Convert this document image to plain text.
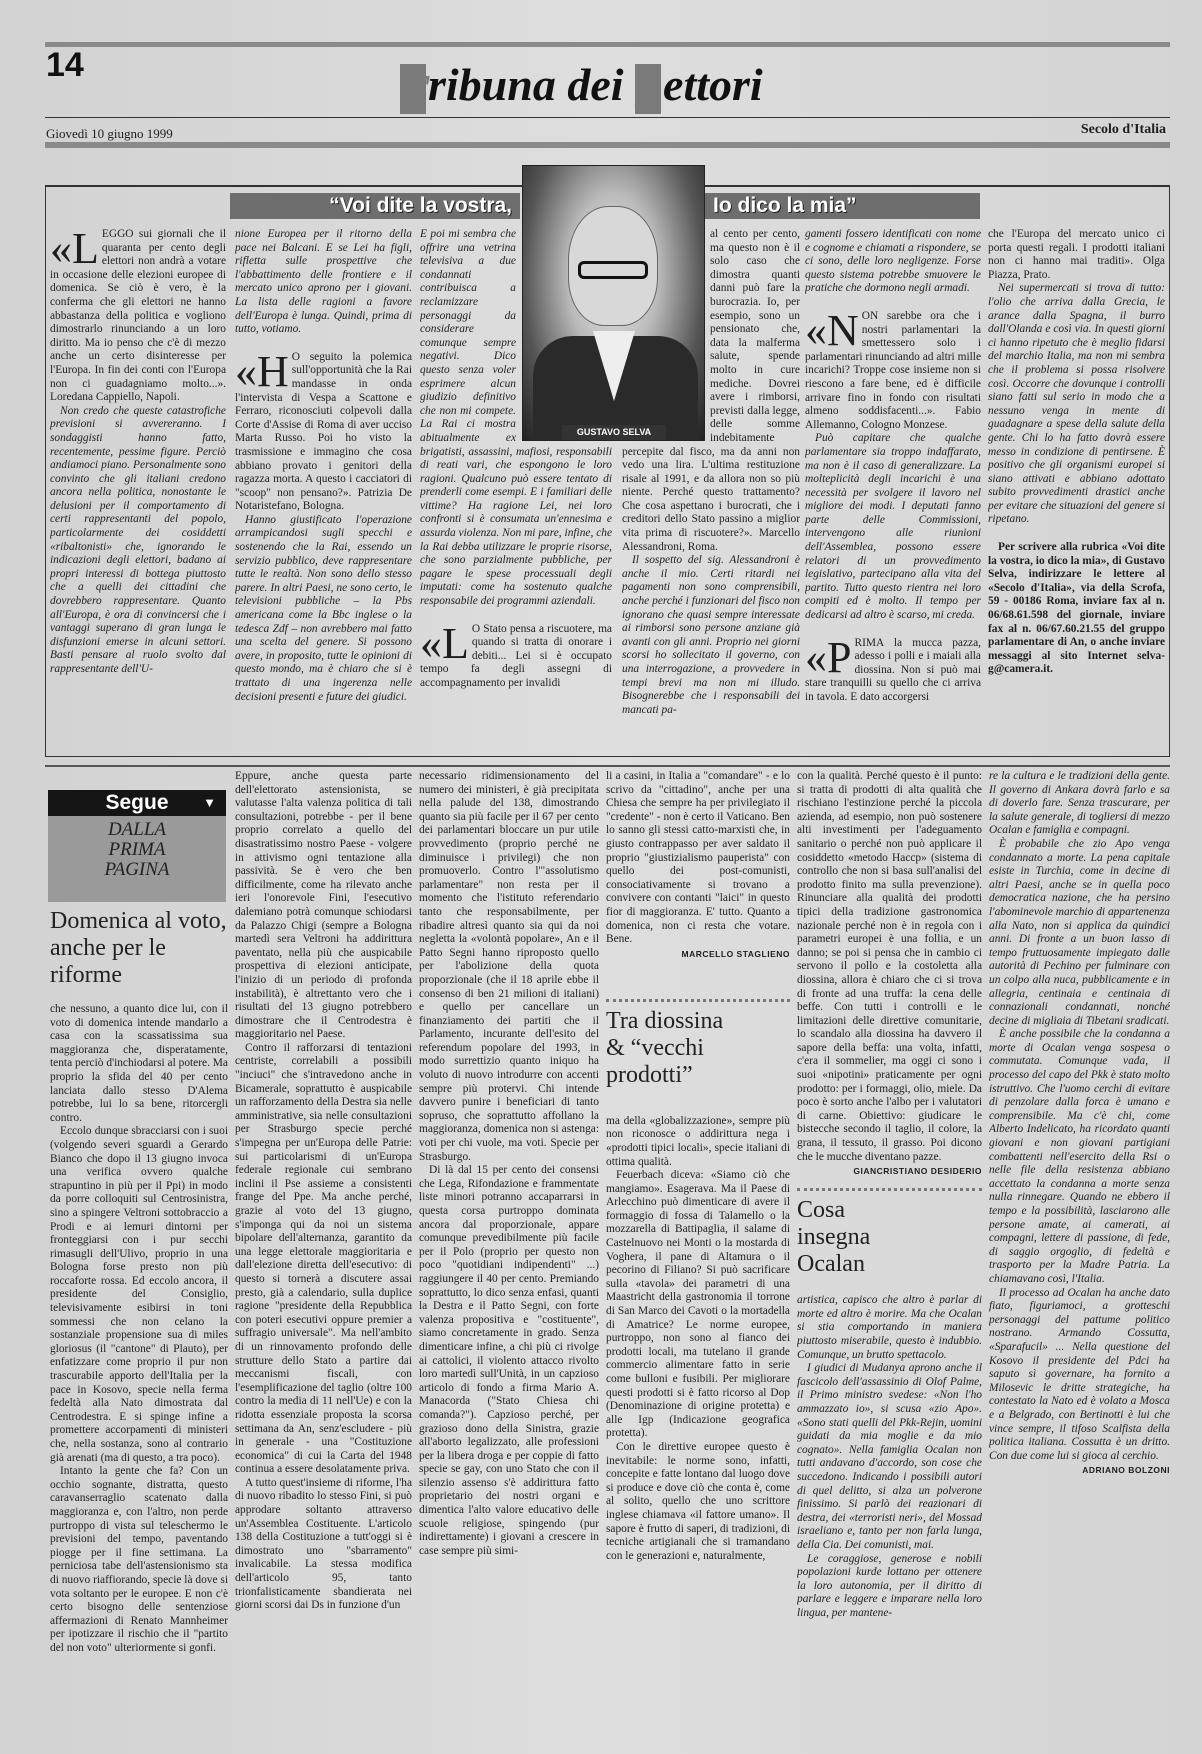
14	Tribuna dei Lettori
Giovedì 10 giugno 1999	Secolo d'Italia
“Voi dite la vostra,	Io dico la mia”
GUSTAVO SELVA

«LEGGO sui giornali che il quaranta per cento degli elettori non andrà a votare in occasione delle elezioni europee di domenica. Se ciò è vero, è la conferma che gli elettori ne hanno abbastanza della politica e vogliono dimostrarlo rinunciando a un loro diritto. Ma io penso che c'è di mezzo anche un certo disinteresse per l'Europa. In fin dei conti con l'Europa non ci guadagniamo molto...». Loredana Cappiello, Napoli.

Non credo che queste catastrofiche previsioni si avvereranno. I sondaggisti hanno fatto, recentemente, pessime figure. Perciò andiamoci piano. Personalmente sono convinto che gli italiani credono ancora nella politica, nonostante le delusioni per il comportamento di certi rappresentanti del popolo, particolarmente dei cosiddetti «ribaltonisti» che, ignorando le indicazioni degli elettori, badano ai propri interessi di bottega piuttosto che a quelli dei cittadini che dovrebbero rappresentare. Quanto all'Europa, è ora di convincersi che i vantaggi superano di gran lunga le disfunzioni emerse in alcuni settori. Basti pensare al ruolo svolto dal rappresentante dell'U-

nione Europea per il ritorno della pace nei Balcani. E se Lei ha figli, rifletta sulle prospettive che l'abbattimento delle frontiere e il mercato unico aprono per i giovani. La lista delle ragioni a favore dell'Europa è lunga. Quindi, prima di tutto, votiamo.

«H O seguito la polemica sull'opportunità che la Rai mandasse in onda l'intervista di Vespa a Scattone e Ferraro, riconosciuti colpevoli dalla Corte d'Assise di Roma di aver ucciso Marta Russo. Poi ho visto la trasmissione e immagino che cosa abbiano provato i genitori della ragazza morta. A questo i cacciatori di "scoop" non pensano?». Patrizia De Notaristefano, Bologna.

Hanno giustificato l'operazione arrampicandosi sugli specchi e sostenendo che la Rai, essendo un servizio pubblico, deve rappresentare tutte le realtà. Non sono dello stesso parere. In altri Paesi, ne sono certo, le televisioni pubbliche – la Pbs americana come la Bbc inglese o la tedesca Zdf – non avrebbero mai fatto una scelta del genere. Si possono avere, in proposito, tutte le opinioni di questo mondo, ma è chiaro che si è trattato di una ingerenza nelle decisioni presenti e future dei giudici.

E poi mi sembra che offrire una vetrina televisiva a due condannati contribuisca a reclamizzare personaggi da considerare comunque sempre negativi. Dico questo senza voler esprimere alcun giudizio definitivo che non mi compete. La Rai ci mostra abitualmente ex brigatisti, assassini, mafiosi, responsabili di reati vari, che espongono le loro ragioni. Qualcuno può essere tentato di prenderli come esempi. E i familiari delle vittime? Ha ragione Lei, nei loro confronti si è consumata un'ennesima e assurda violenza. Non mi pare, infine, che la Rai debba utilizzare le proprie risorse, che sono parzialmente pubbliche, per pagare le spese processuali degli imputati: come ha sostenuto qualche responsabile dei programmi aziendali.

«L O Stato pensa a riscuotere, ma quando si tratta di onorare i debiti... Lei si è occupato tempo fa degli assegni di accompagnamento per invalidi

al cento per cento, ma questo non è il solo caso che dimostra quanti danni può fare la burocrazia. Io, per esempio, sono un pensionato che, data la malferma salute, spende molto in cure mediche. Dovrei avere i rimborsi, previsti dalla legge, delle somme indebitamente percepite dal fisco, ma da anni non vedo una lira. L'ultima restituzione risale al 1991, e da allora non so più niente. Perché questo trattamento? Che cosa aspettano i burocrati, che i creditori dello Stato passino a miglior vita prima di riscuotere?». Marcello Alessandroni, Roma.

Il sospetto del sig. Alessandroni è anche il mio. Certi ritardi nei pagamenti non sono comprensibili, anche perché i funzionari del fisco non ignorano che quasi sempre interessate ai rimborsi sono persone anziane già avanti con gli anni. Proprio nei giorni scorsi ho sollecitato il governo, con una interrogazione, a provvedere in tempi brevi ma non mi illudo. Bisognerebbe che i responsabili dei mancati pa-

gamenti fossero identificati con nome e cognome e chiamati a rispondere, se ci sono, delle loro negligenze. Forse questo sistema potrebbe smuovere le pratiche che dormono negli armadi.

«NON sarebbe ora che i nostri parlamentari la smettessero solo i parlamentari rinunciando ad altri mille incarichi? Troppe cose insieme non si riescono a fare bene, ed è difficile arrivare fino in fondo con risultati almeno soddisfacenti...». Fabio Allemanno, Cologno Monzese.

Può capitare che qualche parlamentare sia troppo indaffarato, ma non è il caso di generalizzare. La molteplicità degli incarichi è una necessità per svolgere il lavoro nel migliore dei modi. I deputati fanno parte delle Commissioni, intervengono alle riunioni dell'Assemblea, possono essere relatori di un provvedimento legislativo, partecipano alla vita del partito. Tutto questo rientra nei loro compiti ed è molto. Il tempo per dedicarsi ad altro è scarso, mi creda.

«PRIMA la mucca pazza, adesso i polli e i maiali alla diossina. Non si può mai stare tranquilli su quello che ci arriva in tavola. E dato accorgersi

che l'Europa del mercato unico ci porta questi regali. I prodotti italiani non ci hanno mai traditi». Olga Piazza, Prato.

Nei supermercati si trova di tutto: l'olio che arriva dalla Grecia, le arance dalla Spagna, il burro dall'Olanda e così via. In questi giorni ci hanno ripetuto che è meglio fidarsi del marchio Italia, ma non mi sembra che il problema si possa risolvere così. Occorre che dovunque i controlli siano fatti sul serio in modo che a nessuno venga in mente di guadagnare a spese della salute della gente. Chi lo ha fatto dovrà essere messo in condizione di pentirsene. È positivo che gli organismi europei si siano attivati e abbiano adottato subito provvedimenti drastici anche per evitare che situazioni del genere si ripetano.

Per scrivere alla rubrica «Voi dite la vostra, io dico la mia», di Gustavo Selva, indirizzare le lettere al «Secolo d'Italia», via della Scrofa, 59 - 00186 Roma, inviare fax al n. 06/68.61.598 del giornale, inviare fax al n. 06/67.60.21.55 del gruppo parlamentare di An, o anche inviare messaggi al sito Internet selva-g@camera.it.

Segue	▼
DALLA
PRIMA
PAGINA
Domenica al voto, anche per le riforme

che nessuno, a quanto dice lui, con il voto di domenica intende mandarlo a casa con la scassatissima sua maggioranza che, disperatamente, tenta perciò d'inchiodarsi al potere. Ma proprio la sfida del 40 per cento lanciata dallo stesso D'Alema potrebbe, lui lo sa bene, ritorcergli contro.

Eccolo dunque sbracciarsi con i suoi (volgendo severi sguardi a Gerardo Bianco che dopo il 13 giugno invoca una verifica ovvero qualche strapuntino in più per il Ppi) in modo da porre colloquiti sul Centrosinistra, sino a spingere Veltroni sottobraccio a Prodi e ai lemuri dintorni per fronteggiarsi con i pur secchi rimasugli dell'Ulivo, proprio in una Bologna forse presto non più roccaforte rossa. Ed eccolo ancora, il presidente del Consiglio, televisivamente esibirsi in toni sommessi che non celano la sostanziale propensione sua di miles gloriosus (il "cantone" di Plauto), per enfatizzare come proprio il pur non trascurabile apporto dell'Italia per la pace in Kosovo, specie nella ferma fedeltà alla Nato dimostrata dal Centrodestra. E si spinge infine a promettere accorpamenti di ministeri che, nella sostanza, sono al contrario già arenati (ma di questo, a tra poco).

Intanto la gente che fa? Con un occhio sognante, distratta, questo caravanserraglio scatenato dalla maggioranza e, con l'altro, non perde purtroppo di vista sul teleschermo le previsioni del tempo, paventando piogge per il fine settimana. La perniciosa tabe dell'astensionismo sta di nuovo riaffiorando, specie là dove si vota soltanto per le europee. E non c'è certo bisogno delle sentenziose affermazioni di Renato Mannheimer per ipotizzare il rischio che il "partito del non voto" ulteriormente si gonfi.

Eppure, anche questa parte dell'elettorato astensionista, se valutasse l'alta valenza politica di tali consultazioni, potrebbe - per il bene proprio correlato a quello del disastratissimo nostro Paese - volgere in attivismo ogni tentazione alla passività. Se è vero che ben difficilmente, come ha rilevato anche ieri l'onorevole Fini, l'esecutivo dalemiano potrà comunque schiodarsi da Palazzo Chigi (sempre a Bologna martedì sera Veltroni ha addirittura paventato, nella più che auspicabile prospettiva di elezioni anticipate, l'inizio di un periodo di profonda instabilità), è altrettanto vero che i risultati del 13 giugno potrebbero dimostrare che il Centrodestra è maggioritario nel Paese.

Contro il rafforzarsi di tentazioni centriste, correlabili a possibili "inciuci" che s'intravedono anche in Bicamerale, soprattutto è auspicabile un rafforzamento della Destra sia nelle amministrative, sia nelle consultazioni per Strasburgo specie perché s'impegna per un'Europa delle Patrie: sui particolarismi di un'Europa federale regionale cui sembrano inclini il Pse assieme a consistenti frange del Ppe. Ma anche perché, grazie al voto del 13 giugno, s'imponga qui da noi un sistema bipolare dell'alternanza, garantito da una legge elettorale maggioritaria e dall'elezione diretta dell'esecutivo: di questo si tornerà a discutere assai presto, già a calendario, sulla duplice ragione "presidente della Repubblica con poteri esecutivi oppure premier a suffragio universale". Ma nell'ambito di un rinnovamento profondo delle strutture dello Stato a partire dai meccanismi fiscali, con l'esemplificazione del taglio (oltre 100 contro la media di 11 nell'Ue) e con la ridotta essenziale proposta la scorsa settimana da An, senz'escludere - più in generale - una "Costituzione economica" di cui la Carta del 1948 continua a essere desolatamente priva.

A tutto quest'insieme di riforme, l'ha di nuovo ribadito lo stesso Fini, si può approdare soltanto attraverso un'Assemblea Costituente. L'articolo 138 della Costituzione a tutt'oggi si è dimostrato uno "sbarramento" invalicabile. La stessa modifica dell'articolo 95, tanto trionfalisticamente sbandierata nei giorni scorsi dai Ds in funzione d'un

necessario ridimensionamento del numero dei ministeri, è già precipitata nella palude del 138, dimostrando quanto sia più facile per il 67 per cento dei parlamentari bloccare un pur utile provvedimento (proprio perché ne diminuisce i privilegi) che non promuoverlo. Contro l'"assolutismo parlamentare" non resta per il momento che l'istituto referendario tanto che responsabilmente, per ribadire altresì quanto sia qui da noi negletta la «volontà popolare», An e il Patto Segni hanno riproposto quello per l'abolizione della quota proporzionale (che il 18 aprile ebbe il consenso di ben 21 milioni di italiani) e quello per cancellare un finanziamento dei partiti che il Parlamento, incurante dell'esito del referendum popolare del 1993, in modo surrettizio quanto iniquo ha voluto di nuovo introdurre con accenti sempre più protervi. Chi intende davvero punire i beneficiari di tanto sopruso, che soprattutto affollano la maggioranza, domenica non si astenga: voti per chi vuole, ma voti. Specie per Strasburgo.

Di là dal 15 per cento dei consensi che Lega, Rifondazione e frammentate liste minori potranno accaparrarsi in questa corsa purtroppo dominata ancora dal proporzionale, appare comunque prevedibilmente più facile per il Polo (proprio per questo non poco "quotidiani indipendenti" ...) raggiungere il 40 per cento. Premiando soprattutto, lo dico senza enfasi, quanti la Destra e il Patto Segni, con forte valenza propositiva e "costituente", siamo concretamente in grado. Senza dimenticare infine, a chi più ci rivolge ai cattolici, il violento attacco rivolto loro martedì sull'Unità, in un capzioso articolo di fondo a firma Mario A. Manacorda ("Stato Chiesa chi comanda?"). Capzioso perché, per grazioso dono della Sinistra, grazie all'aborto legalizzato, alle professioni per la libera droga e per coppie di fatto specie se gay, con uno Stato che con il silenzio assenso s'è addirittura fatto proprietario dei nostri organi e dimentica l'alto valore educativo delle scuole religiose, spingendo (pur indirettamente) i giovani a crescere in case sempre più simi-

li a casini, in Italia a "comandare" - e lo scrivo da "cittadino", anche per una Chiesa che sempre ha per privilegiato il "credente" - non è certo il Vaticano. Ben lo sanno gli stessi catto-marxisti che, in giusto contrappasso per aver saldato il proprio "giustizialismo pauperista" con quello dei post-comunisti, consociativamente si trovano a convivere con contanti "laici" in questo fior di maggioranza. E' tutto. Quanto a domenica, non ci resta che votare. Bene.

MARCELLO STAGLIENO
Tra diossina & “vecchi prodotti”

ma della «globalizzazione», sempre più non riconosce o addirittura nega i «prodotti tipici locali», specie italiani di ottima qualità.

Feuerbach diceva: «Siamo ciò che mangiamo». Esagerava. Ma il Paese di Arlecchino può dimenticare di avere il formaggio di fossa di Talamello o la mozzarella di Battipaglia, il salame di Castelnuovo nei Monti o la mostarda di Voghera, il pane di Altamura o il pecorino di Filiano? Si può sacrificare sulla «tavola» dei parametri di una Maastricht della gastronomia il torrone di San Marco dei Cavoti o la mortadella di Amatrice? Le norme europee, purtroppo, non sono al fianco dei prodotti locali, ma tutelano il grande commercio alimentare fatto in serie come bulloni e fusibili. Per migliorare questi prodotti si è fatto ricorso al Dop (Denominazione di origine protetta) e alle Igp (Indicazione geografica protetta).

Con le direttive europee questo è inevitabile: le norme sono, infatti, concepite e fatte lontano dal luogo dove si produce e dove ciò che conta è, come al solito, quello che uno scrittore inglese chiamava «il fattore umano». Il sapore è frutto di saperi, di tradizioni, di tecniche artigianali che si tramandano con le generazioni e, naturalmente,

con la qualità. Perché questo è il punto: si tratta di prodotti di alta qualità che rischiano l'estinzione perché la piccola azienda, ad esempio, non può sostenere alti investimenti per l'adeguamento sanitario o perché non può applicare il cosiddetto «metodo Haccp» (sistema di controllo che non si basa sull'analisi del prodotto finito ma sulla prevenzione). Rinunciare alla qualità dei prodotti tipici della tradizione gastronomica nazionale perché non è in regola con i parametri europei è una follia, e un danno; se poi si pensa che in cambio ci servono il pollo e la costoletta alla diossina, allora è chiaro che ci si trova di fronte ad una truffa: la cena delle beffe. Con tutti i controlli e le limitazioni delle direttive comunitarie, lo scandalo alla diossina ha davvero il sapore della beffa: una volta, infatti, c'era il sommelier, ma oggi ci sono i suoi «nipotini» praticamente per ogni prodotto: per i formaggi, olio, miele. Da poco è sorto anche l'albo per i valutatori di carne. Obiettivo: giudicare le bistecche secondo il taglio, il colore, la grana, il tessuto, il grasso. Poi dicono che le mucche diventano pazze.

GIANCRISTIANO DESIDERIO
Cosa insegna Ocalan

artistica, capisco che altro è parlar di morte ed altro è morire. Ma che Ocalan si stia comportando in maniera piuttosto miserabile, questo è indubbio. Comunque, un brutto spettacolo.

I giudici di Mudanya aprono anche il fascicolo dell'assassinio di Olof Palme, il Primo ministro svedese: «Non l'ho ammazzato io», si scusa «zio Apo». «Sono stati quelli del Pkk-Rejin, uomini guidati da mia moglie e da mio cognato». Nella famiglia Ocalan non tutti andavano d'accordo, son cose che succedono. Indicando i possibili autori di quel delitto, si alza un polverone finissimo. Si parlò dei reazionari di destra, dei «terroristi neri», del Mossad israeliano e, tanto per non farla lunga, della Cia. Dei comunisti, mai.

Le coraggiose, generose e nobili popolazioni kurde lottano per ottenere la loro autonomia, per il diritto di parlare e leggere e imparare nella loro lingua, per mantene-

re la cultura e le tradizioni della gente. Il governo di Ankara dovrà farlo e sa di doverlo fare. Senza trascurare, per la salute generale, di togliersi di mezzo Ocalan e famiglia e compagni.

È probabile che zio Apo venga condannato a morte. La pena capitale esiste in Turchia, come in decine di altri Paesi, anche se in quella poco democratica nazione, che ha persino l'abominevole marchio di appartenenza alla Nato, non si applica da quindici anni. Di fronte a un buon lasso di tempo fruttuosamente impiegato dalle autorità di Pechino per fulminare con un colpo alla nuca, pubblicamente e in allegria, centinaia e centinaia di connazionali condannati, nonché decine di migliaia di Tibetani sradicati.

È anche possibile che la condanna a morte di Ocalan venga sospesa o commutata. Comunque vada, il processo del capo del Pkk è stato molto istruttivo. Che l'uomo cerchi di evitare di penzolare dalla forca è umano e comprensibile. Ma c'è chi, come Alberto Indelicato, ha ricordato quanti giovani e non giovani partigiani combattenti nell'esercito della Rsi o nelle file della resistenza abbiano accettato la condanna a morte senza nulla rinnegare. Quando ne ebbero il tempo e la possibilità, lasciarono alle persone amate, ai camerati, ai compagni, lettere di passione, di fede, di saggio orgoglio, di fedeltà e trasporto per la Madre Patria. La chiamavano così, l'Italia.

Il processo ad Ocalan ha anche dato fiato, figuriamoci, a grotteschi personaggi del pattume politico nostrano. Armando Cossutta, «Sparafucil» ... Nella questione del Kosovo il presidente del Pdci ha saputo sì governare, ha fornito a Milosevic le dritte strategiche, ha contestato la Nato ed è volato a Mosca e a Belgrado, con Bertinotti è lui che vince sempre, il tifoso Scalfista della politica italiana. Cossutta è un dritto. Con due come lui si gioca al cerchio.

ADRIANO BOLZONI
